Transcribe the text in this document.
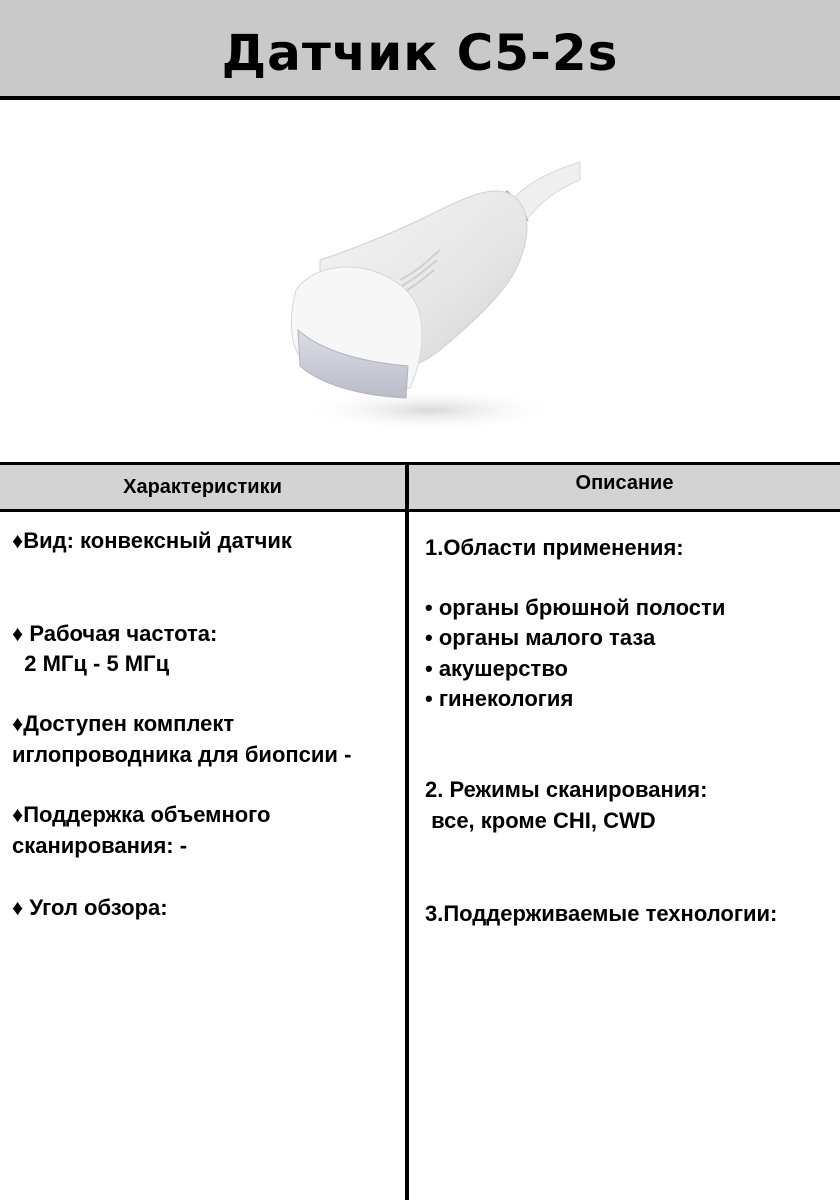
Датчик C5-2s
Характеристики	Описание
♦Вид: конвексный датчик
♦ Рабочая частота:
2 МГц - 5 МГц
♦Доступен комплект
иглопроводника для биопсии -
♦Поддержка объемного
сканирования: -
♦ Угол обзора:
1.Области применения:
• органы брюшной полости
• органы малого таза
• акушерство
• гинекология
2. Режимы сканирования:
все, кроме CHI, CWD
3.Поддерживаемые технологии:
